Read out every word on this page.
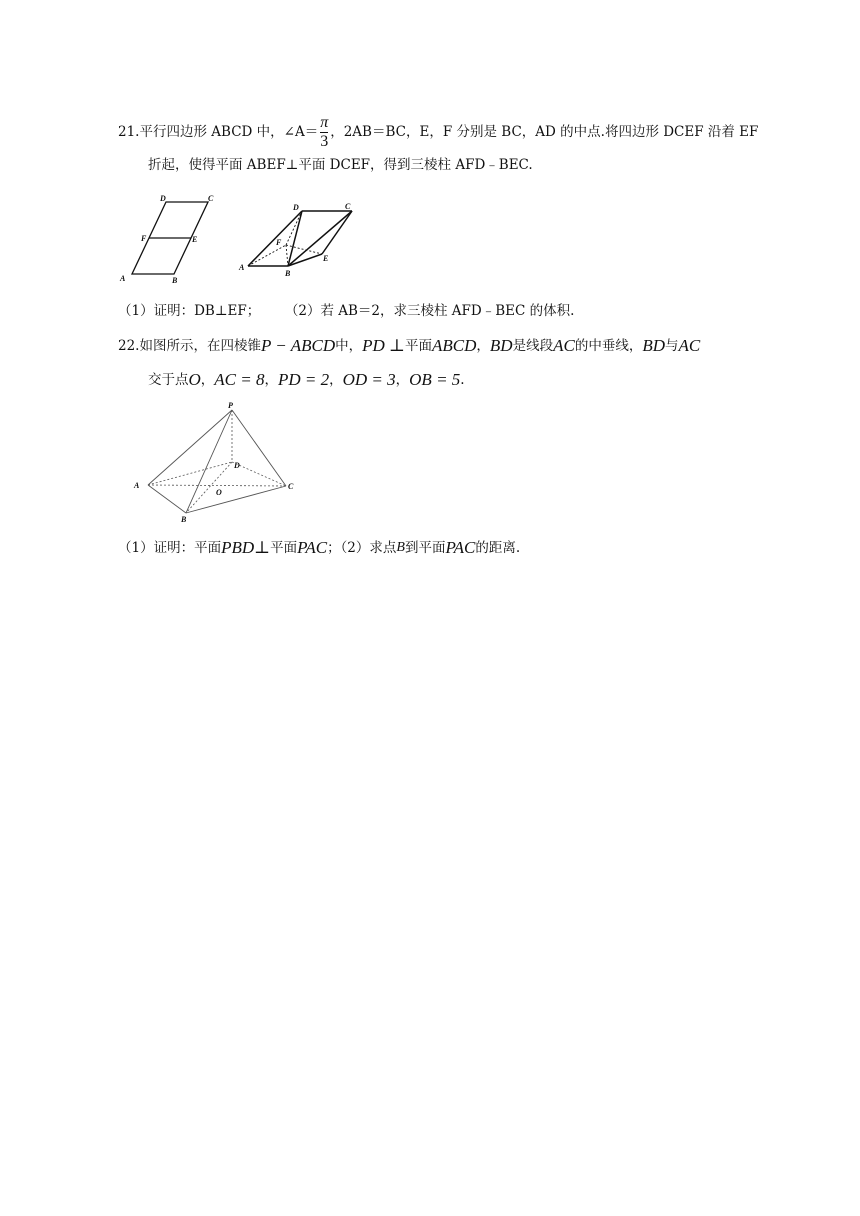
21. 平行四边形 ABCD 中，∠A＝ $\frac{\pi}{3}$ ，2AB＝BC，E，F 分别是 BC，AD 的中点.将四边形 DCEF 沿着 EF
折起，使得平面 ABEF⊥平面 DCEF，得到三棱柱 AFD﹣BEC.
D	C
F	E
A	B
D	C
F
E
A
B
（1）证明：DB⊥EF； （2）若 AB＝2，求三棱柱 AFD﹣BEC 的体积.
22. 如图所示，在四棱锥 P − ABCD 中， PD ⊥ 平面 ABCD ， BD 是线段 AC 的中垂线， BD 与 AC
交于点 O ， AC = 8 ， PD = 2 ， OD = 3 ， OB = 5 .
P
D
A	C
O
B
（1）证明：平面 PBD ⊥ 平面 PAC ；（2）求点 B 到平面 PAC 的距离.
